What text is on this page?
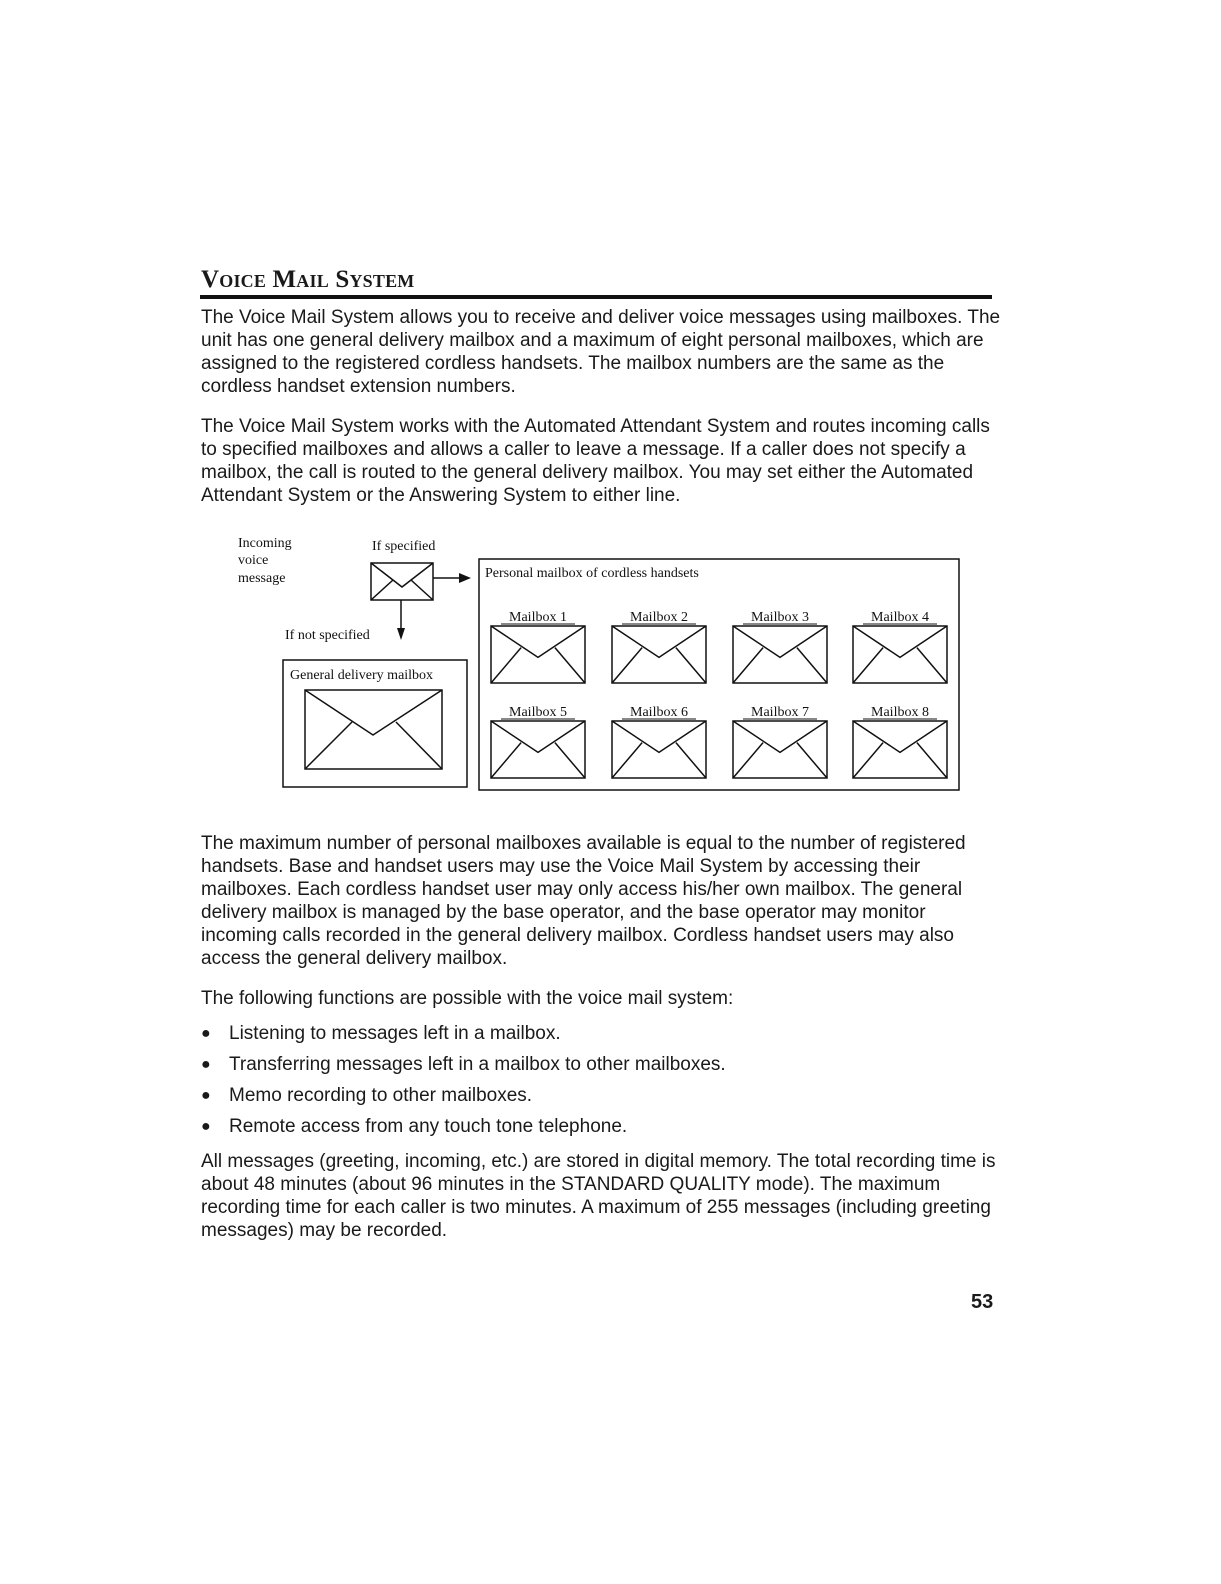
Voice Mail System

The Voice Mail System allows you to receive and deliver voice messages using mailboxes. The unit has one general delivery mailbox and a maximum of eight personal mailboxes, which are assigned to the registered cordless handsets. The mailbox numbers are the same as the cordless handset extension numbers.

The Voice Mail System works with the Automated Attendant System and routes incoming calls to specified mailboxes and allows a caller to leave a message. If a caller does not specify a mailbox, the call is routed to the general delivery mailbox. You may set either the Automated Attendant System or the Answering System to either line.

Incoming
voice
message
If specified
If not specified
General delivery mailbox
Personal mailbox of cordless handsets
Mailbox 1	Mailbox 2	Mailbox 3	Mailbox 4
Mailbox 5	Mailbox 6	Mailbox 7	Mailbox 8

The maximum number of personal mailboxes available is equal to the number of registered handsets. Base and handset users may use the Voice Mail System by accessing their mailboxes. Each cordless handset user may only access his/her own mailbox. The general delivery mailbox is managed by the base operator, and the base operator may monitor incoming calls recorded in the general delivery mailbox. Cordless handset users may also access the general delivery mailbox.

The following functions are possible with the voice mail system:

● Listening to messages left in a mailbox.
● Transferring messages left in a mailbox to other mailboxes.
● Memo recording to other mailboxes.
● Remote access from any touch tone telephone.

All messages (greeting, incoming, etc.) are stored in digital memory. The total recording time is about 48 minutes (about 96 minutes in the STANDARD QUALITY mode). The maximum recording time for each caller is two minutes. A maximum of 255 messages (including greeting messages) may be recorded.

53
